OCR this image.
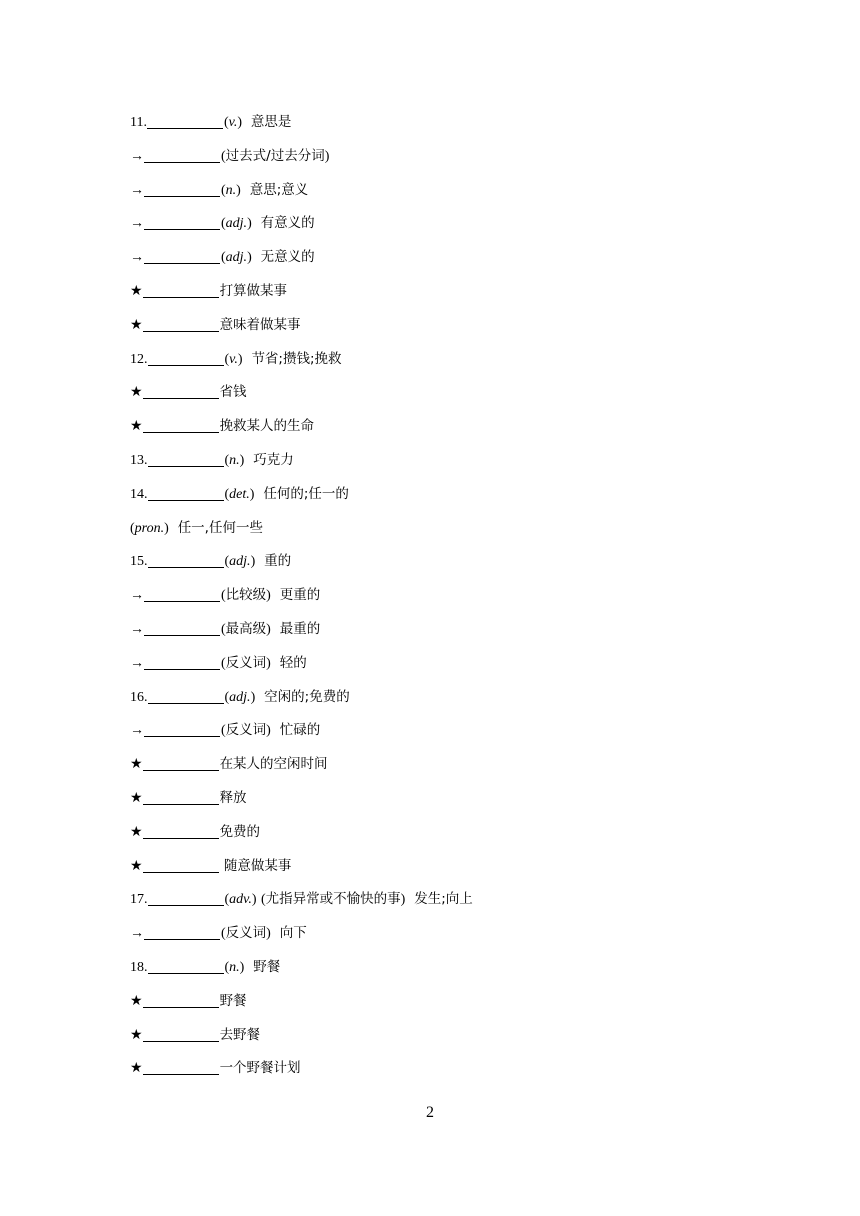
11.	(v.) 意思是
→	(过去式/过去分词)
→	(n.) 意思;意义
→	(adj.) 有意义的
→	(adj.) 无意义的
★	打算做某事
★	意味着做某事
12.	(v.) 节省;攒钱;挽救
★	省钱
★	挽救某人的生命
13.	(n.) 巧克力
14.	(det.) 任何的;任一的
(pron.) 任一,任何一些
15.	(adj.) 重的
→	(比较级) 更重的
→	(最高级) 最重的
→	(反义词) 轻的
16.	(adj.) 空闲的;免费的
→	(反义词) 忙碌的
★	在某人的空闲时间
★	释放
★	免费的
★	随意做某事
17.	(adv.) (尤指异常或不愉快的事) 发生;向上
→	(反义词) 向下
18.	(n.) 野餐
★	野餐
★	去野餐
★	一个野餐计划
2
